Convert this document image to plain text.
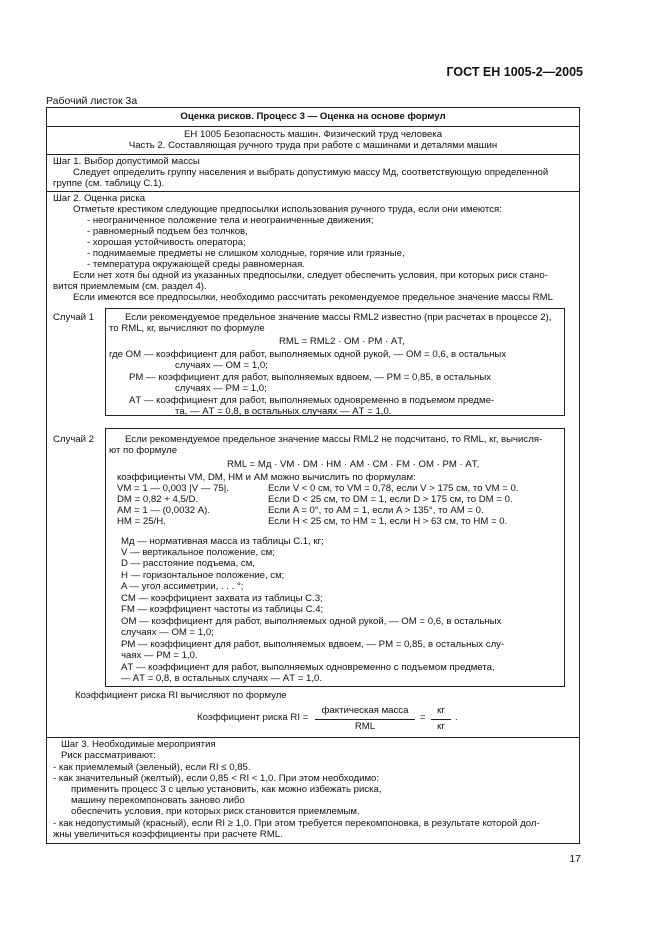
ГОСТ ЕН 1005-2—2005
Рабочий листок 3а
Оценка рисков. Процесс 3 — Оценка на основе формул
ЕН 1005 Безопасность машин. Физический труд человека
Часть 2. Составляющая ручного труда при работе с машинами и деталями машин
Шаг 1. Выбор допустимой массы
Следует определить группу населения и выбрать допустимую массу Mд, соответствующую определенной
группе (см. таблицу С.1).
Шаг 2. Оценка риска
Отметьте крестиком следующие предпосылки использования ручного труда, если они имеются:
- неограниченное положение тела и неограниченные движения;
- равномерный подъем без толчков,
- хорошая устойчивость оператора;
- поднимаемые предметы не слишком холодные, горячие или грязные,
- температура окружающей среды равномерная.
Если нет хотя бы одной из указанных предпосылки, следует обеспечить условия, при которых риск стано-
вится приемлемым (см. раздел 4).
Если имеются все предпосылки, необходимо рассчитать рекомендуемое предельное значение массы RML
Случай 1	Если рекомендуемое предельное значение массы RML2 известно (при расчетах в процессе 2),
то RML, кг, вычисляют по формуле
RML = RML2 · OМ · PМ · AТ,
где OМ — коэффициент для работ, выполняемых одной рукой, — OМ = 0,6, в остальных
случаях — OМ = 1,0;
PМ — коэффициент для работ, выполняемых вдвоем, — PМ = 0,85, в остальных
случаях — PМ = 1,0;
AТ — коэффициент для работ, выполняемых одновременно в подъемом предме-
та, — AТ = 0,8, в остальных случаях — AТ = 1,0.
Случай 2	Если рекомендуемое предельное значение массы RML2 не подсчитано, то RML, кг, вычисля-
ют по формуле
RML = Mд · VМ · DМ · HМ · AМ · CМ · FМ · OМ · PМ · AТ,
коэффициенты VМ, DМ, HМ и AМ можно вычислить по формулам:
VМ = 1 — 0,003 |V — 75|.	Если V < 0 см, то VМ = 0,78, если V > 175 см, то VМ = 0.
DМ = 0,82 + 4,5/D.	Если D < 25 см, то DМ = 1, если D > 175 см, то DМ = 0.
AМ = 1 — (0,0032 A).	Если A = 0°, то AМ = 1, если A > 135°, то AМ = 0.
HМ = 25/H.	Если H < 25 см, то HМ = 1, если H > 63 см, то HМ = 0.
Mд — нормативная масса из таблицы С.1, кг;
V — вертикальное положение, см;
D — расстояние подъема, см,
H — горизонтальное положение, см;
A — угол ассиметрии, . . . °;
CМ — коэффициент захвата из таблицы С.3;
FМ — коэффициент частоты из таблицы С.4;
OМ — коэффициент для работ, выполняемых одной рукой, — OМ = 0,6, в остальных
случаях — OМ = 1,0;
PМ — коэффициент для работ, выполняемых вдвоем, — PМ = 0,85, в остальных слу-
чаях — PМ = 1,0.
AТ — коэффициент для работ, выполняемых одновременно с подъемом предмета,
— AТ = 0,8, в остальных случаях — AТ = 1,0.
Коэффициент риска RI вычисляют по формуле
Коэффициент риска RI =
фактическая масса
RML
=
кг
кг
.
Шаг 3. Необходимые мероприятия
Риск рассматривают:
- как приемлемый (зеленый), если RI ≤ 0,85.
- как значительный (желтый), если 0,85 < RI < 1,0. При этом необходимо:
применить процесс 3 с целью установить, как можно избежать риска,
машину перекомпоновать заново либо
обеспечить условия, при которых риск становится приемлемым.
- как недопустимый (красный), если RI ≥ 1,0. При этом требуется перекомпоновка, в результате которой дол-
жны увеличиться коэффициенты при расчете RML.
17
